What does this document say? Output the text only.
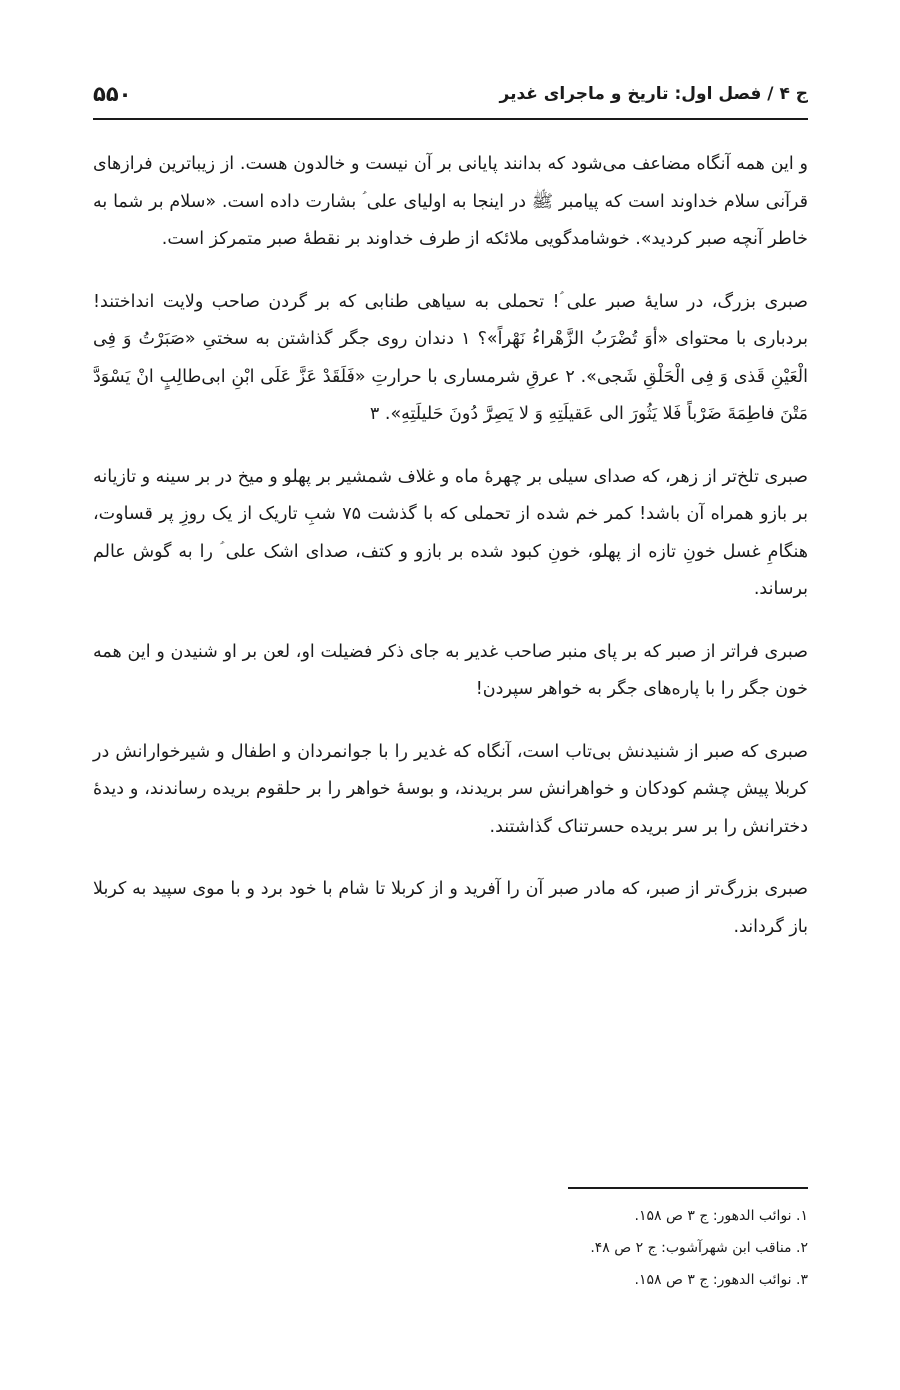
ج ۴ / فصل اول: تاریخ و ماجرای غدیر
۵۵۰

و این همه آنگاه مضاعف می‌شود که بدانند پایانی بر آن نیست و خالدون هست. از زیباترین فرازهای قرآنی سلام خداوند است که پیامبر ﷺ در اینجا به اولیای علی ؑ بشارت داده است. «سلام بر شما به خاطر آنچه صبر کردید». خوشامدگویی ملائکه از طرف خداوند بر نقطهٔ صبر متمرکز است.

صبری بزرگ، در سایهٔ صبر علی ؑ! تحملی به سیاهی طنابی که بر گردن صاحب ولایت انداختند! بردباری با محتوای «أوَ تُضْرَبُ الزَّهْراءُ نَهْراً»؟ ۱ دندان روی جگر گذاشتن به سختیِ «صَبَرْتُ وَ فِی الْعَیْنِ قَذی وَ فِی الْحَلْقِ شَجی». ۲ عرقِ شرمساری با حرارتِ «فَلَقَدْ عَزَّ عَلَی ابْنِ ابی‌طالِبٍ انْ یَسْوَدَّ مَتْنَ فاطِمَةَ ضَرْباً فَلا یَثُورَ الی عَقیلَتِهِ وَ لا یَصِرَّ دُونَ حَلیلَتِهِ». ۳

صبری تلخ‌تر از زهر، که صدای سیلی بر چهرهٔ ماه و غلاف شمشیر بر پهلو و میخ در بر سینه و تازیانه بر بازو همراه آن باشد! کمر خم شده از تحملی که با گذشت ۷۵ شبِ تاریک از یک روزِ پر قساوت، هنگامِ غسل خونِ تازه از پهلو، خونِ کبود شده بر بازو و کتف، صدای اشک علی ؑ را به گوش عالم برساند.

صبری فراتر از صبر که بر پای منبر صاحب غدیر به جای ذکر فضیلت او، لعن بر او شنیدن و این همه خون جگر را با پاره‌های جگر به خواهر سپردن!

صبری که صبر از شنیدنش بی‌تاب است، آنگاه که غدیر را با جوانمردان و اطفال و شیرخوارانش در کربلا پیش چشم کودکان و خواهرانش سر بریدند، و بوسهٔ خواهر را بر حلقوم بریده رساندند، و دیدهٔ دخترانش را بر سر بریده حسرتناک گذاشتند.

صبری بزرگ‌تر از صبر، که مادر صبر آن را آفرید و از کربلا تا شام با خود برد و با موی سپید به کربلا باز گرداند.

۱. نوائب الدهور: ج ۳ ص ۱۵۸.
۲. مناقب ابن شهرآشوب: ج ۲ ص ۴۸.
۳. نوائب الدهور: ج ۳ ص ۱۵۸.
